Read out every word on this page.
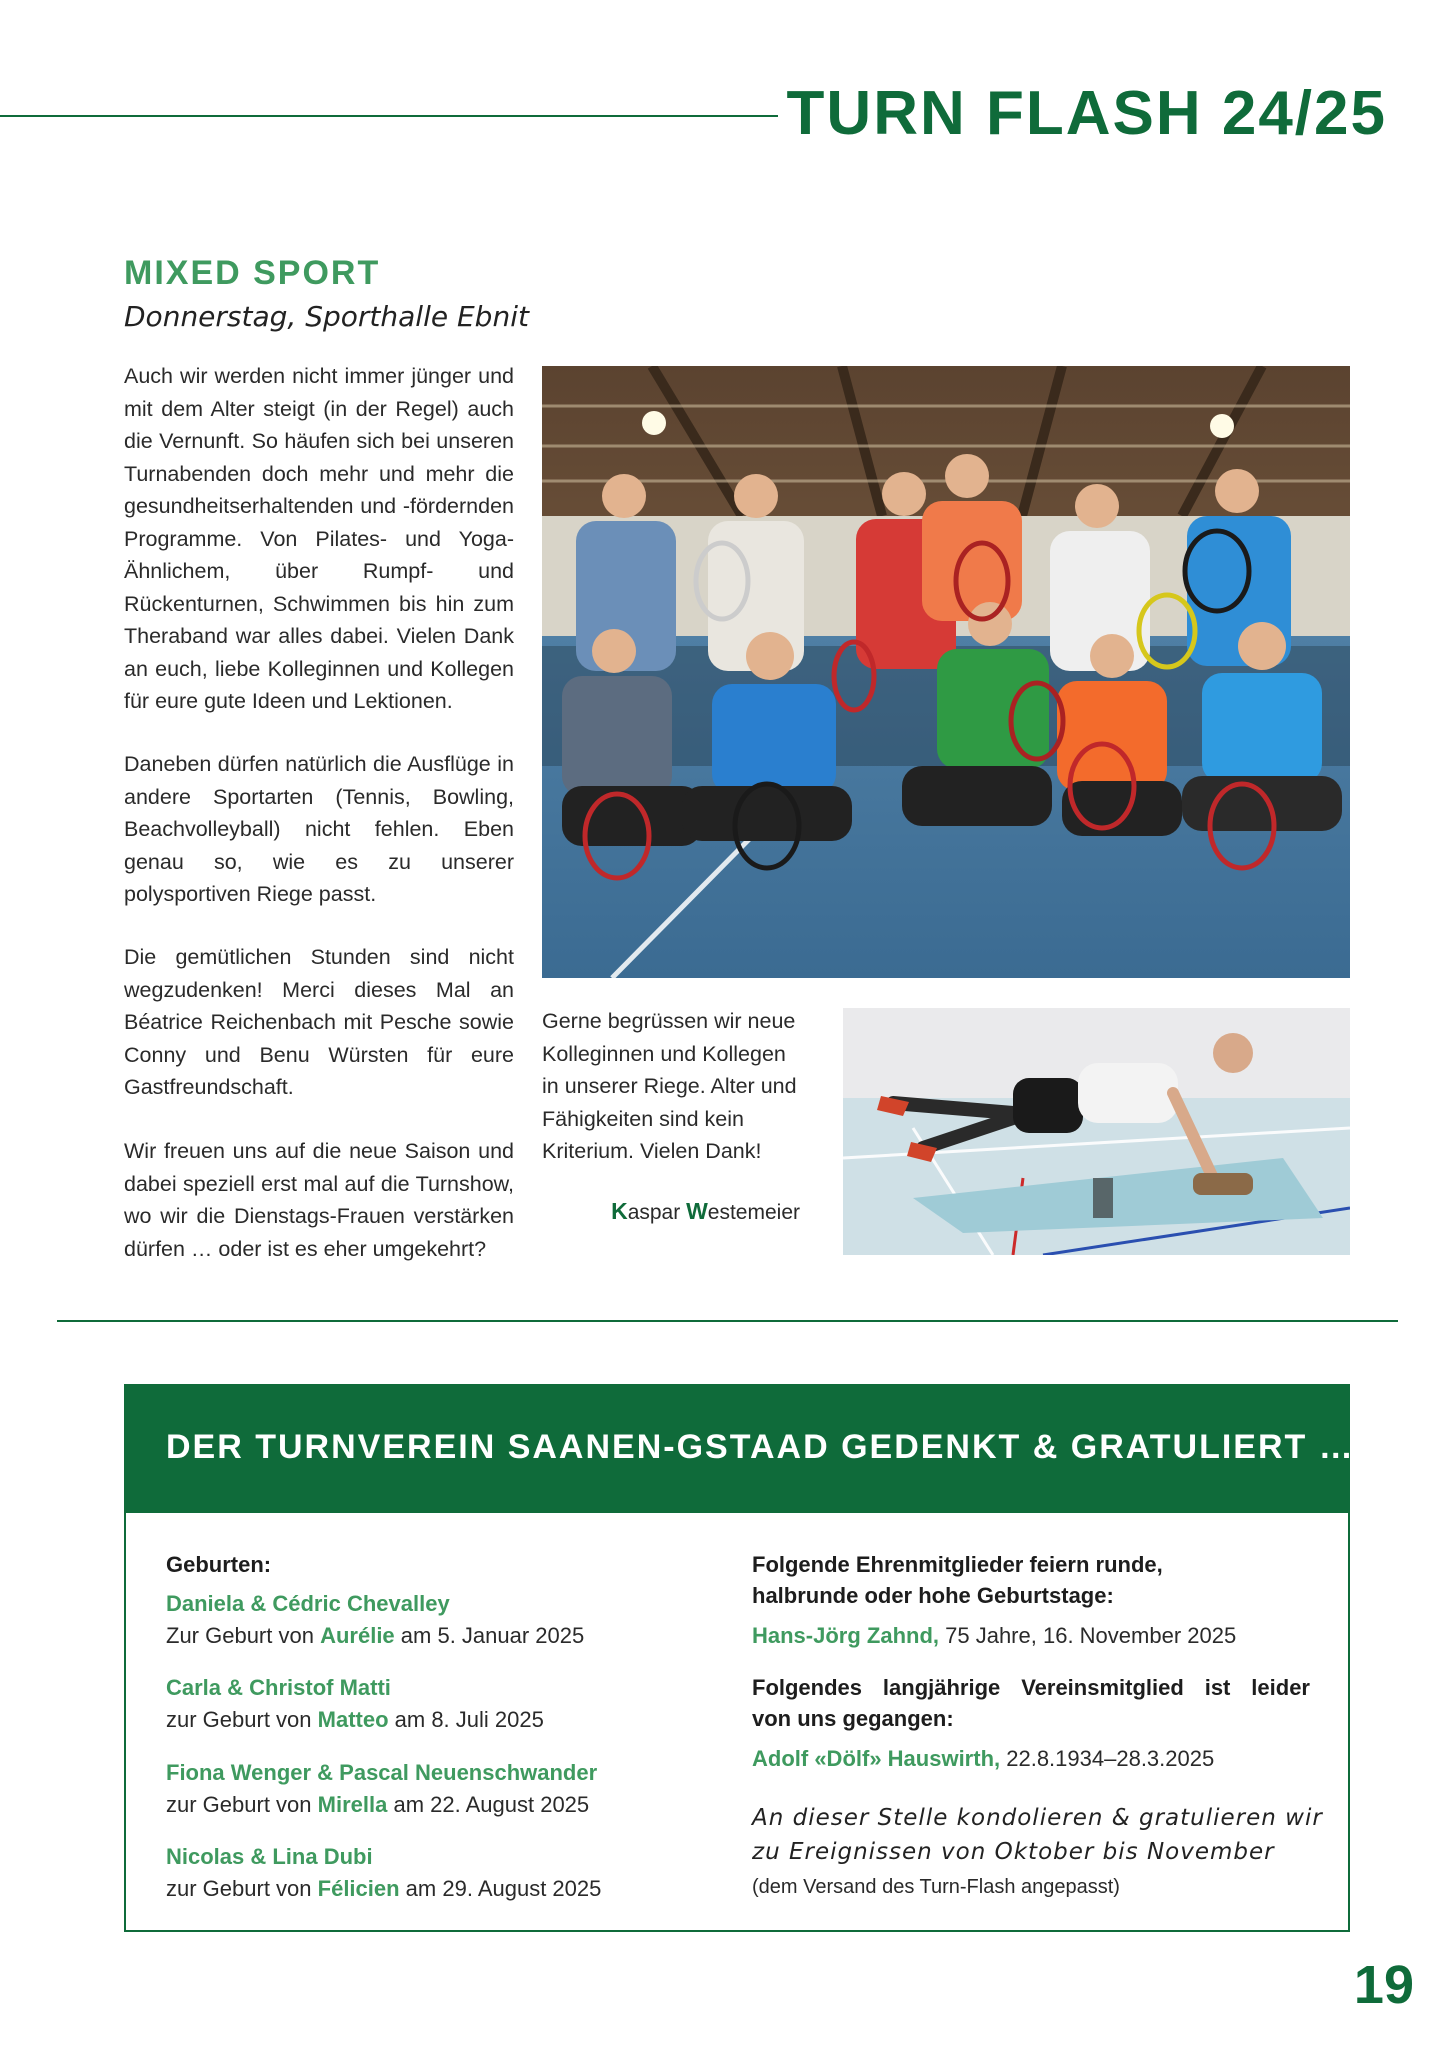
TURN FLASH 24/25
MIXED SPORT
Donnerstag, Sporthalle Ebnit

Auch wir werden nicht immer jünger und mit dem Alter steigt (in der Regel) auch die Vernunft. So häufen sich bei unseren Turnabenden doch mehr und mehr die gesundheitserhaltenden und -fördernden Programme. Von Pilates- und Yoga-Ähnlichem, über Rumpf- und Rückenturnen, Schwimmen bis hin zum Theraband war alles dabei. Vielen Dank an euch, liebe Kolleginnen und Kollegen für eure gute Ideen und Lektionen.

Daneben dürfen natürlich die Ausflüge in andere Sportarten (Tennis, Bowling, Beachvolleyball) nicht fehlen. Eben genau so, wie es zu unserer polysportiven Riege passt.

Die gemütlichen Stunden sind nicht wegzudenken! Merci dieses Mal an Béatrice Reichenbach mit Pesche sowie Conny und Benu Würsten für eure Gastfreundschaft.

Wir freuen uns auf die neue Saison und dabei speziell erst mal auf die Turnshow, wo wir die Dienstags-Frauen verstärken dürfen … oder ist es eher umgekehrt?

Gerne begrüssen wir neue Kolleginnen und Kollegen in unserer Riege. Alter und Fähigkeiten sind kein Kriterium. Vielen Dank!
Kaspar Westemeier
DER TURNVEREIN SAANEN-GSTAAD GEDENKT & GRATULIERT …
Geburten:
Daniela & Cédric Chevalley
Zur Geburt von Aurélie am 5. Januar 2025
Carla & Christof Matti
zur Geburt von Matteo am 8. Juli 2025
Fiona Wenger & Pascal Neuenschwander
zur Geburt von Mirella am 22. August 2025
Nicolas & Lina Dubi
zur Geburt von Félicien am 29. August 2025
Folgende Ehrenmitglieder feiern runde,
halbrunde oder hohe Geburtstage:
Hans-Jörg Zahnd, 75 Jahre, 16. November 2025
Folgendes langjährige Vereinsmitglied ist leider
von uns gegangen:
Adolf «Dölf» Hauswirth, 22.8.1934–28.3.2025
An dieser Stelle kondolieren & gratulieren wir
zu Ereignissen von Oktober bis November
(dem Versand des Turn-Flash angepasst)
19
